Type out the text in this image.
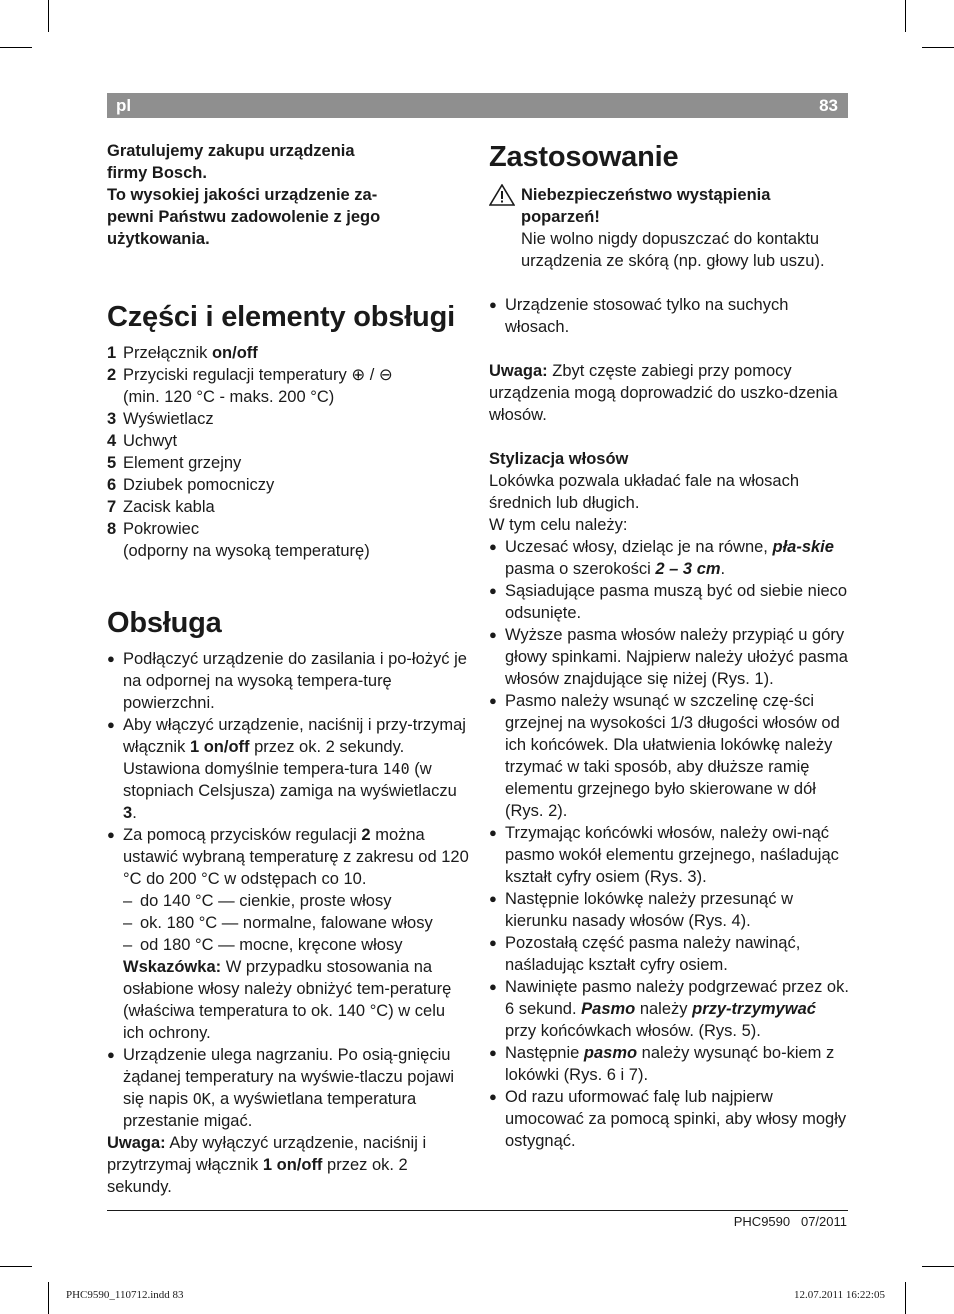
pl	83

Gratulujemy zakupu urządzenia

firmy Bosch.

To wysokiej jakości urządzenie za-

pewni Państwu zadowolenie z jego

użytkowania.

Części i elementy obsługi
1 Przełącznik on/off
2 Przyciski regulacji temperatury ⊕ / ⊖
(min. 120 °C - maks. 200 °C)
3 Wyświetlacz
4 Uchwyt
5 Element grzejny
6 Dziubek pomocniczy
7 Zacisk kabla
8 Pokrowiec
(odporny na wysoką temperaturę)
Obsługa
● Podłączyć urządzenie do zasilania i po-łożyć je na odpornej na wysoką tempera-turę powierzchni.
● Aby włączyć urządzenie, naciśnij i przy-trzymaj włącznik 1 on/off przez ok. 2 sekundy. Ustawiona domyślnie tempera-tura 140 (w stopniach Celsjusza) zamiga na wyświetlaczu 3.
● Za pomocą przycisków regulacji 2 można ustawić wybraną temperaturę z zakresu od 120 °C do 200 °C w odstępach co 10.
– do 140 °C — cienkie, proste włosy
– ok. 180 °C — normalne, falowane włosy
– od 180 °C — mocne, kręcone włosy
Wskazówka: W przypadku stosowania na osłabione włosy należy obniżyć tem-peraturę (właściwa temperatura to ok. 140 °C) w celu ich ochrony.
● Urządzenie ulega nagrzaniu. Po osią-gnięciu żądanej temperatury na wyświe-tlaczu pojawi się napis OK, a wyświetlana temperatura przestanie migać.

Uwaga: Aby wyłączyć urządzenie, naciśnij i przytrzymaj włącznik 1 on/off przez ok. 2 sekundy.

Zastosowanie
Niebezpieczeństwo wystąpienia poparzeń!
Nie wolno nigdy dopuszczać do kontaktu urządzenia ze skórą (np. głowy lub uszu).
● Urządzenie stosować tylko na suchych włosach.

Uwaga: Zbyt częste zabiegi przy pomocy urządzenia mogą doprowadzić do uszko-dzenia włosów.

Stylizacja włosów

Lokówka pozwala układać fale na włosach średnich lub długich.

W tym celu należy:

● Uczesać włosy, dzieląc je na równe, pła-skie pasma o szerokości 2 – 3 cm.
● Sąsiadujące pasma muszą być od siebie nieco odsunięte.
● Wyższe pasma włosów należy przypiąć u góry głowy spinkami. Najpierw należy ułożyć pasma włosów znajdujące się niżej (Rys. 1).
● Pasmo należy wsunąć w szczelinę czę-ści grzejnej na wysokości 1/3 długości włosów od ich końcówek. Dla ułatwienia lokówkę należy trzymać w taki sposób, aby dłuższe ramię elementu grzejnego było skierowane w dół (Rys. 2).
● Trzymając końcówki włosów, należy owi-nąć pasmo wokół elementu grzejnego, naśladując kształt cyfry osiem (Rys. 3).
● Następnie lokówkę należy przesunąć w kierunku nasady włosów (Rys. 4).
● Pozostałą część pasma należy nawinąć, naśladując kształt cyfry osiem.
● Nawinięte pasmo należy podgrzewać przez ok. 6 sekund. Pasmo należy przy-trzymywać przy końcówkach włosów. (Rys. 5).
● Następnie pasmo należy wysunąć bo-kiem z lokówki (Rys. 6 i 7).
● Od razu uformować falę lub najpierw umocować za pomocą spinki, aby włosy mogły ostygnąć.
PHC9590 07/2011
PHC9590_110712.indd 83	12.07.2011 16:22:05
